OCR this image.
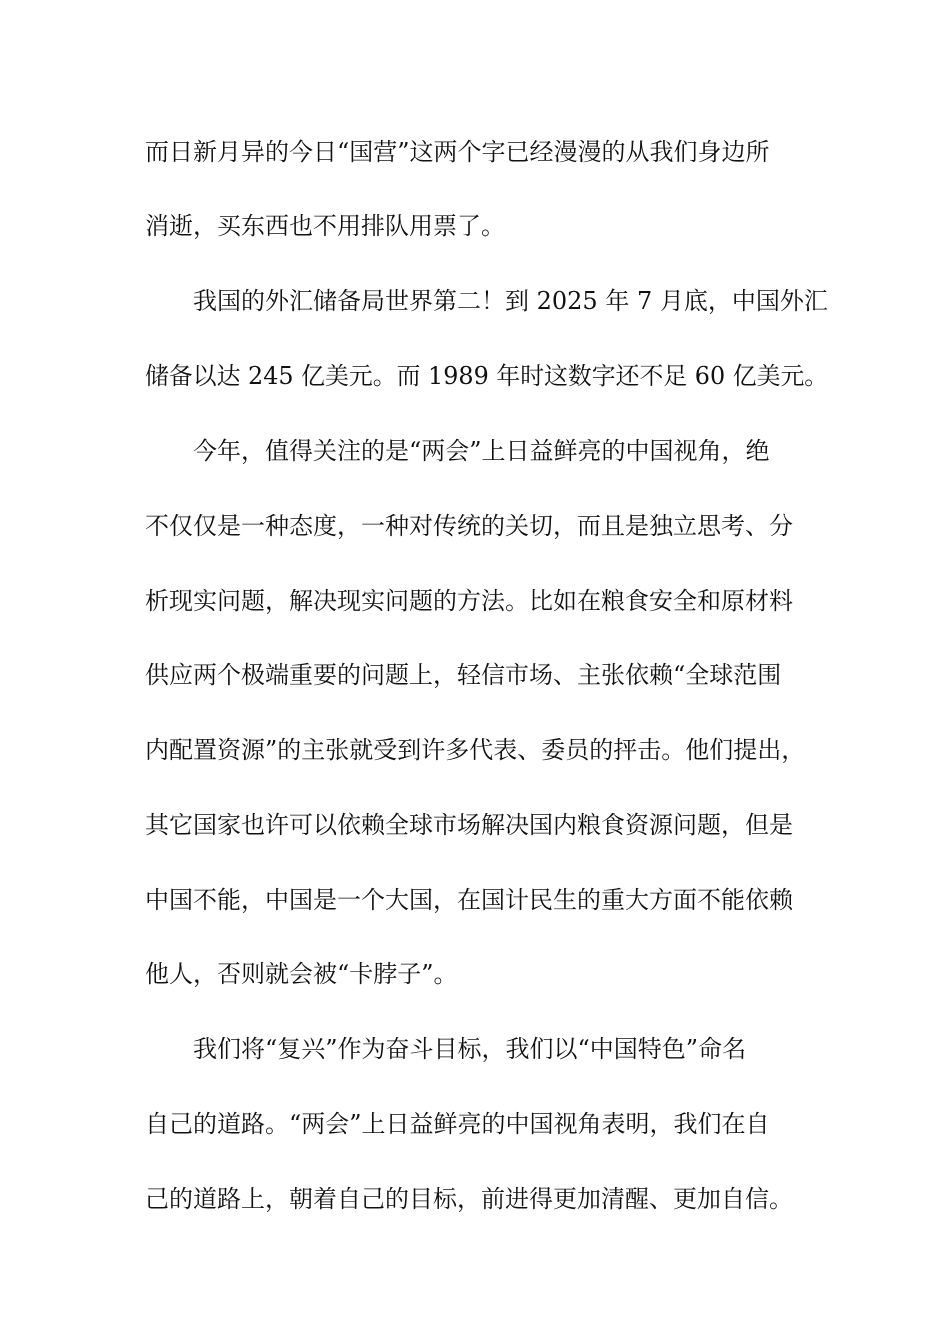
而日新月异的今日“国营”这两个字已经漫漫的从我们身边所
消逝，买东西也不用排队用票了。
我国的外汇储备局世界第二！到 2025 年 7 月底，中国外汇
储备以达 245 亿美元。而 1989 年时这数字还不足 60 亿美元。
今年，值得关注的是“两会”上日益鲜亮的中国视角，绝
不仅仅是一种态度，一种对传统的关切，而且是独立思考、分
析现实问题，解决现实问题的方法。比如在粮食安全和原材料
供应两个极端重要的问题上，轻信市场、主张依赖“全球范围
内配置资源”的主张就受到许多代表、委员的抨击。他们提出，
其它国家也许可以依赖全球市场解决国内粮食资源问题，但是
中国不能，中国是一个大国，在国计民生的重大方面不能依赖
他人，否则就会被“卡脖子”。
我们将“复兴”作为奋斗目标，我们以“中国特色”命名
自己的道路。“两会”上日益鲜亮的中国视角表明，我们在自
己的道路上，朝着自己的目标，前进得更加清醒、更加自信。
